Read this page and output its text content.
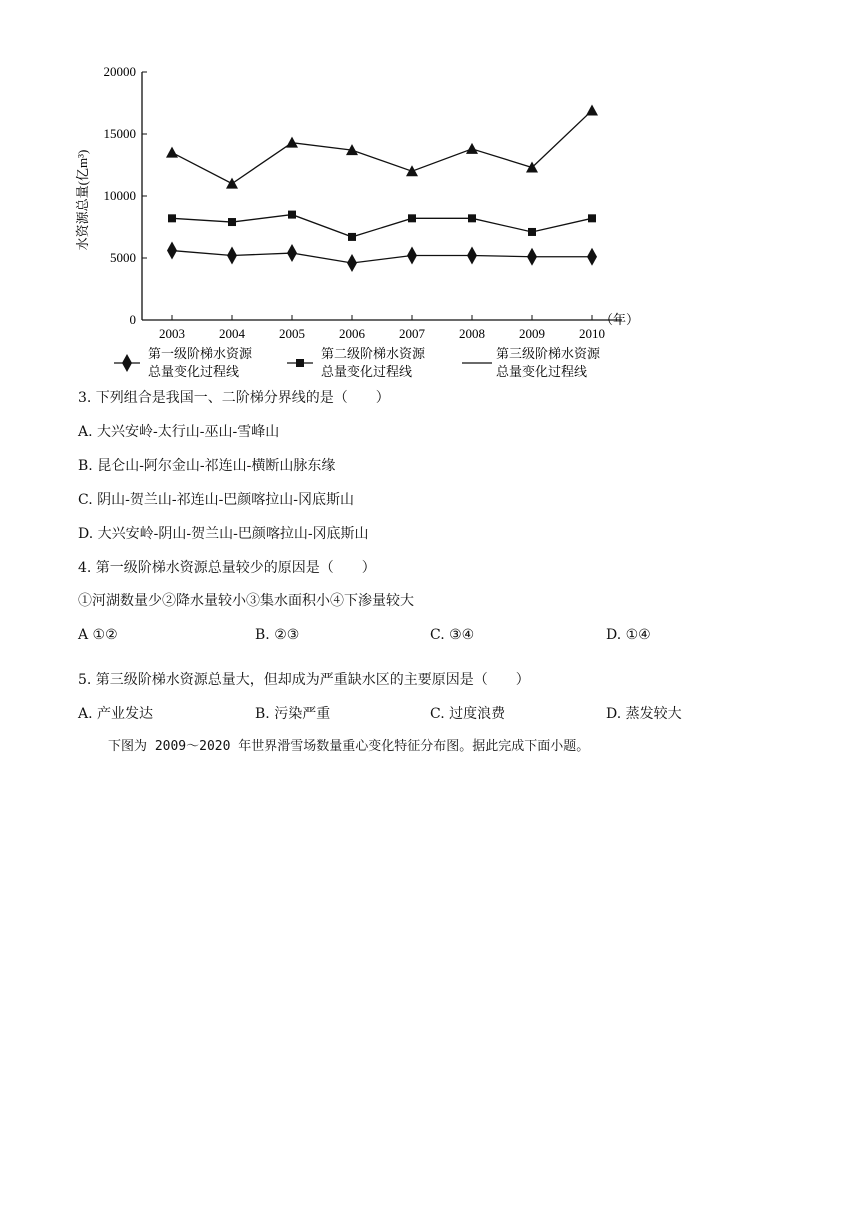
水资源总量(亿m³)
（年）
0
5000
10000
15000
20000
2003	2004	2005	2006	2007	2008	2009	2010
第一级阶梯水资源
总量变化过程线
第二级阶梯水资源
总量变化过程线
第三级阶梯水资源
总量变化过程线
3. 下列组合是我国一、二阶梯分界线的是（　　）
A. 大兴安岭-太行山-巫山-雪峰山
B. 昆仑山-阿尔金山-祁连山-横断山脉东缘
C. 阴山-贺兰山-祁连山-巴颜喀拉山-冈底斯山
D. 大兴安岭-阴山-贺兰山-巴颜喀拉山-冈底斯山
4. 第一级阶梯水资源总量较少的原因是（　　）
①河湖数量少②降水量较小③集水面积小④下渗量较大
A ①②	B. ②③	C. ③④	D. ①④
5. 第三级阶梯水资源总量大，但却成为严重缺水区的主要原因是（　　）
A. 产业发达	B. 污染严重	C. 过度浪费	D. 蒸发较大
下图为 2009～2020 年世界滑雪场数量重心变化特征分布图。据此完成下面小题。
